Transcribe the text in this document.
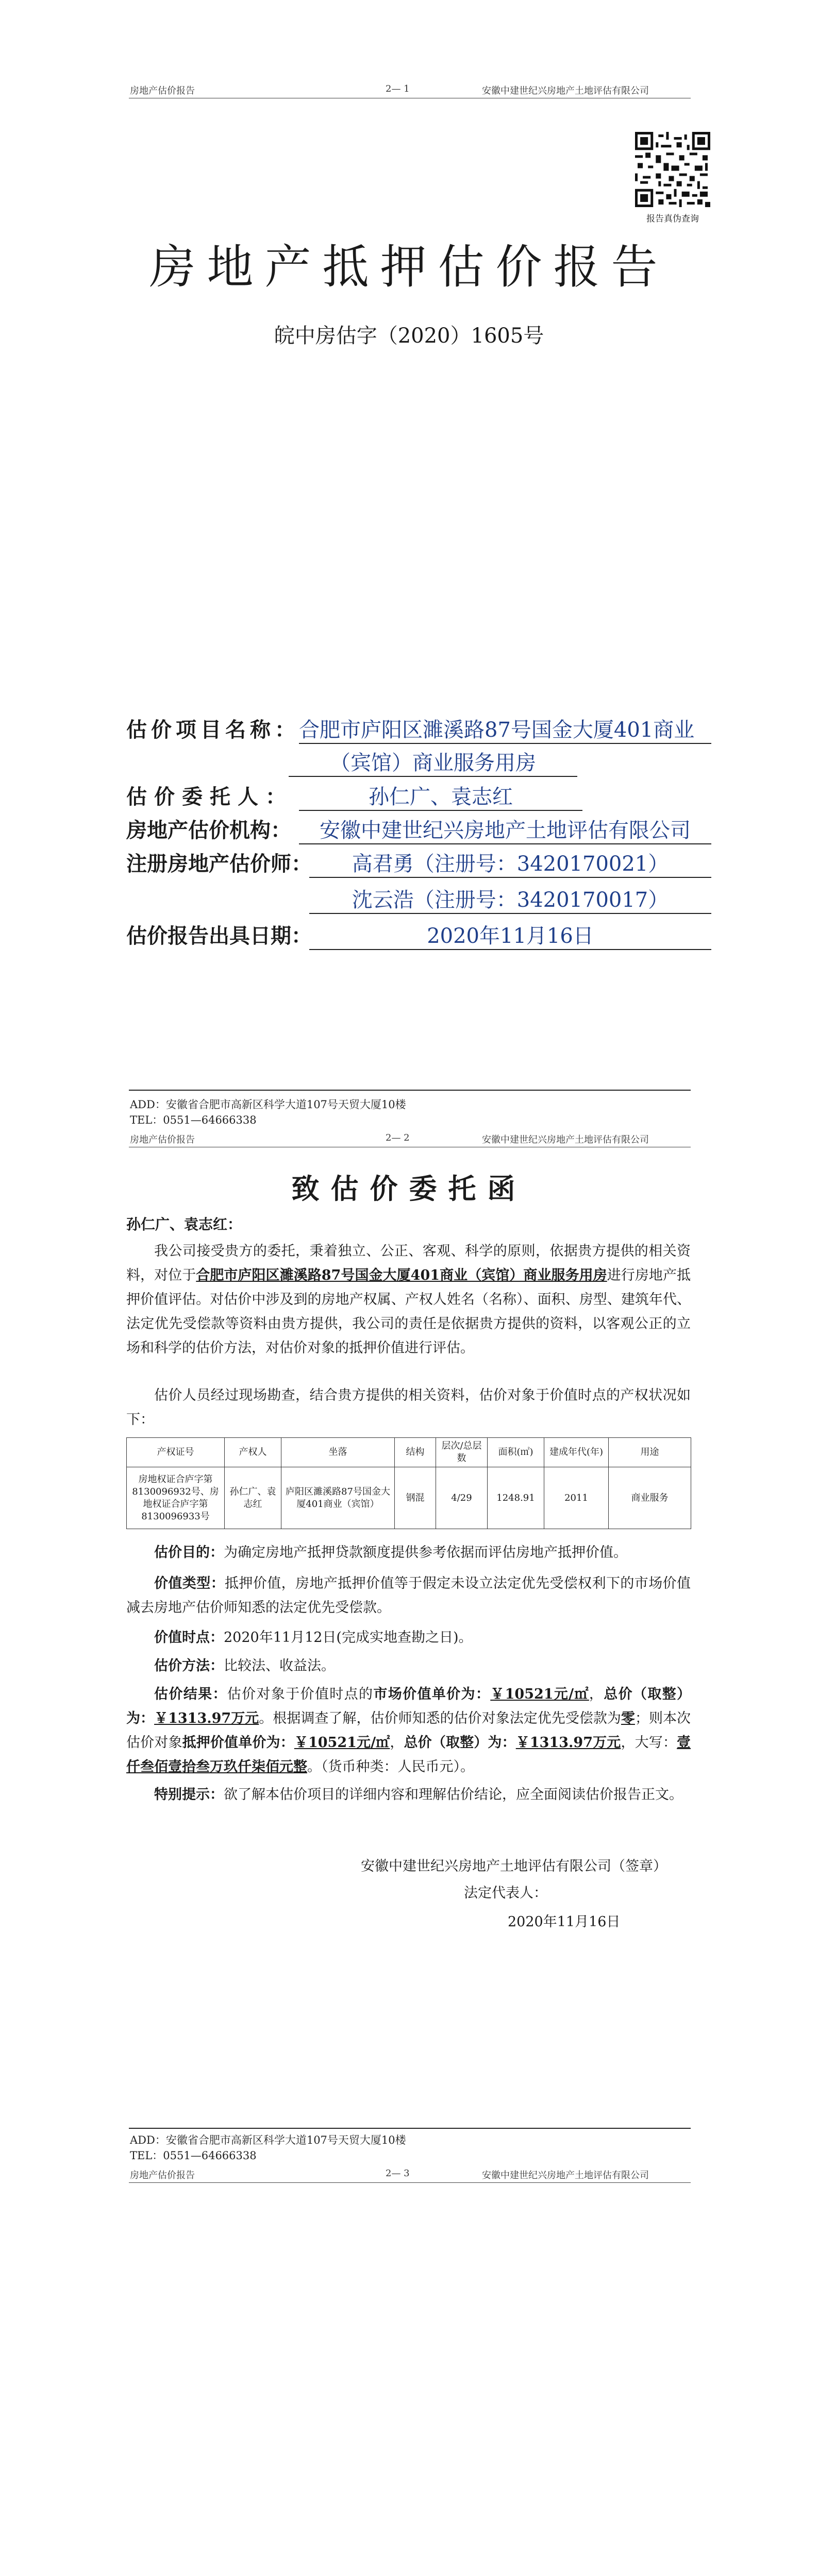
房地产估价报告	2— 1	安徽中建世纪兴房地产土地评估有限公司
报告真伪查询
房地产抵押估价报告
皖中房估字（2020）1605号
估价项目名称： 合肥市庐阳区濉溪路87号国金大厦401商业
（宾馆）商业服务用房
估价委托人：	孙仁广、袁志红
房地产估价机构：	安徽中建世纪兴房地产土地评估有限公司
注册房地产估价师：	高君勇（注册号：3420170021）
沈云浩（注册号：3420170017）
估价报告出具日期：	2020年11月16日
ADD：安徽省合肥市高新区科学大道107号天贸大厦10楼
TEL：0551—64666338
房地产估价报告	2— 2	安徽中建世纪兴房地产土地评估有限公司
致估价委托函
孙仁广、袁志红：
我公司接受贵方的委托，秉着独立、公正、客观、科学的原则，依据贵方提供的相关资料，对位于合肥市庐阳区濉溪路87号国金大厦401商业（宾馆）商业服务用房进行房地产抵押价值评估。对估价中涉及到的房地产权属、产权人姓名（名称）、面积、房型、建筑年代、法定优先受偿款等资料由贵方提供，我公司的责任是依据贵方提供的资料，以客观公正的立场和科学的估价方法，对估价对象的抵押价值进行评估。
估价人员经过现场勘查，结合贵方提供的相关资料，估价对象于价值时点的产权状况如下：
产权证号	产权人	坐落	结构	层次/总层数	面积(㎡)	建成年代(年)	用途
房地权证合庐字第8130096932号、房地权证合庐字第8130096933号	孙仁广、袁志红	庐阳区濉溪路87号国金大厦401商业（宾馆）	钢混	4/29	1248.91	2011	商业服务
估价目的：为确定房地产抵押贷款额度提供参考依据而评估房地产抵押价值。
价值类型：抵押价值，房地产抵押价值等于假定未设立法定优先受偿权利下的市场价值减去房地产估价师知悉的法定优先受偿款。
价值时点：2020年11月12日(完成实地查勘之日)。
估价方法：比较法、收益法。
估价结果：估价对象于价值时点的市场价值单价为：￥10521元/㎡，总价（取整）为：￥1313.97万元。根据调查了解，估价师知悉的估价对象法定优先受偿款为零；则本次估价对象抵押价值单价为：￥10521元/㎡，总价（取整）为：￥1313.97万元，大写：壹仟叁佰壹拾叁万玖仟柒佰元整。（货币种类：人民币元）。
特别提示：欲了解本估价项目的详细内容和理解估价结论，应全面阅读估价报告正文。
安徽中建世纪兴房地产土地评估有限公司（签章）
法定代表人：
2020年11月16日
ADD：安徽省合肥市高新区科学大道107号天贸大厦10楼
TEL：0551—64666338
房地产估价报告	2— 3	安徽中建世纪兴房地产土地评估有限公司
